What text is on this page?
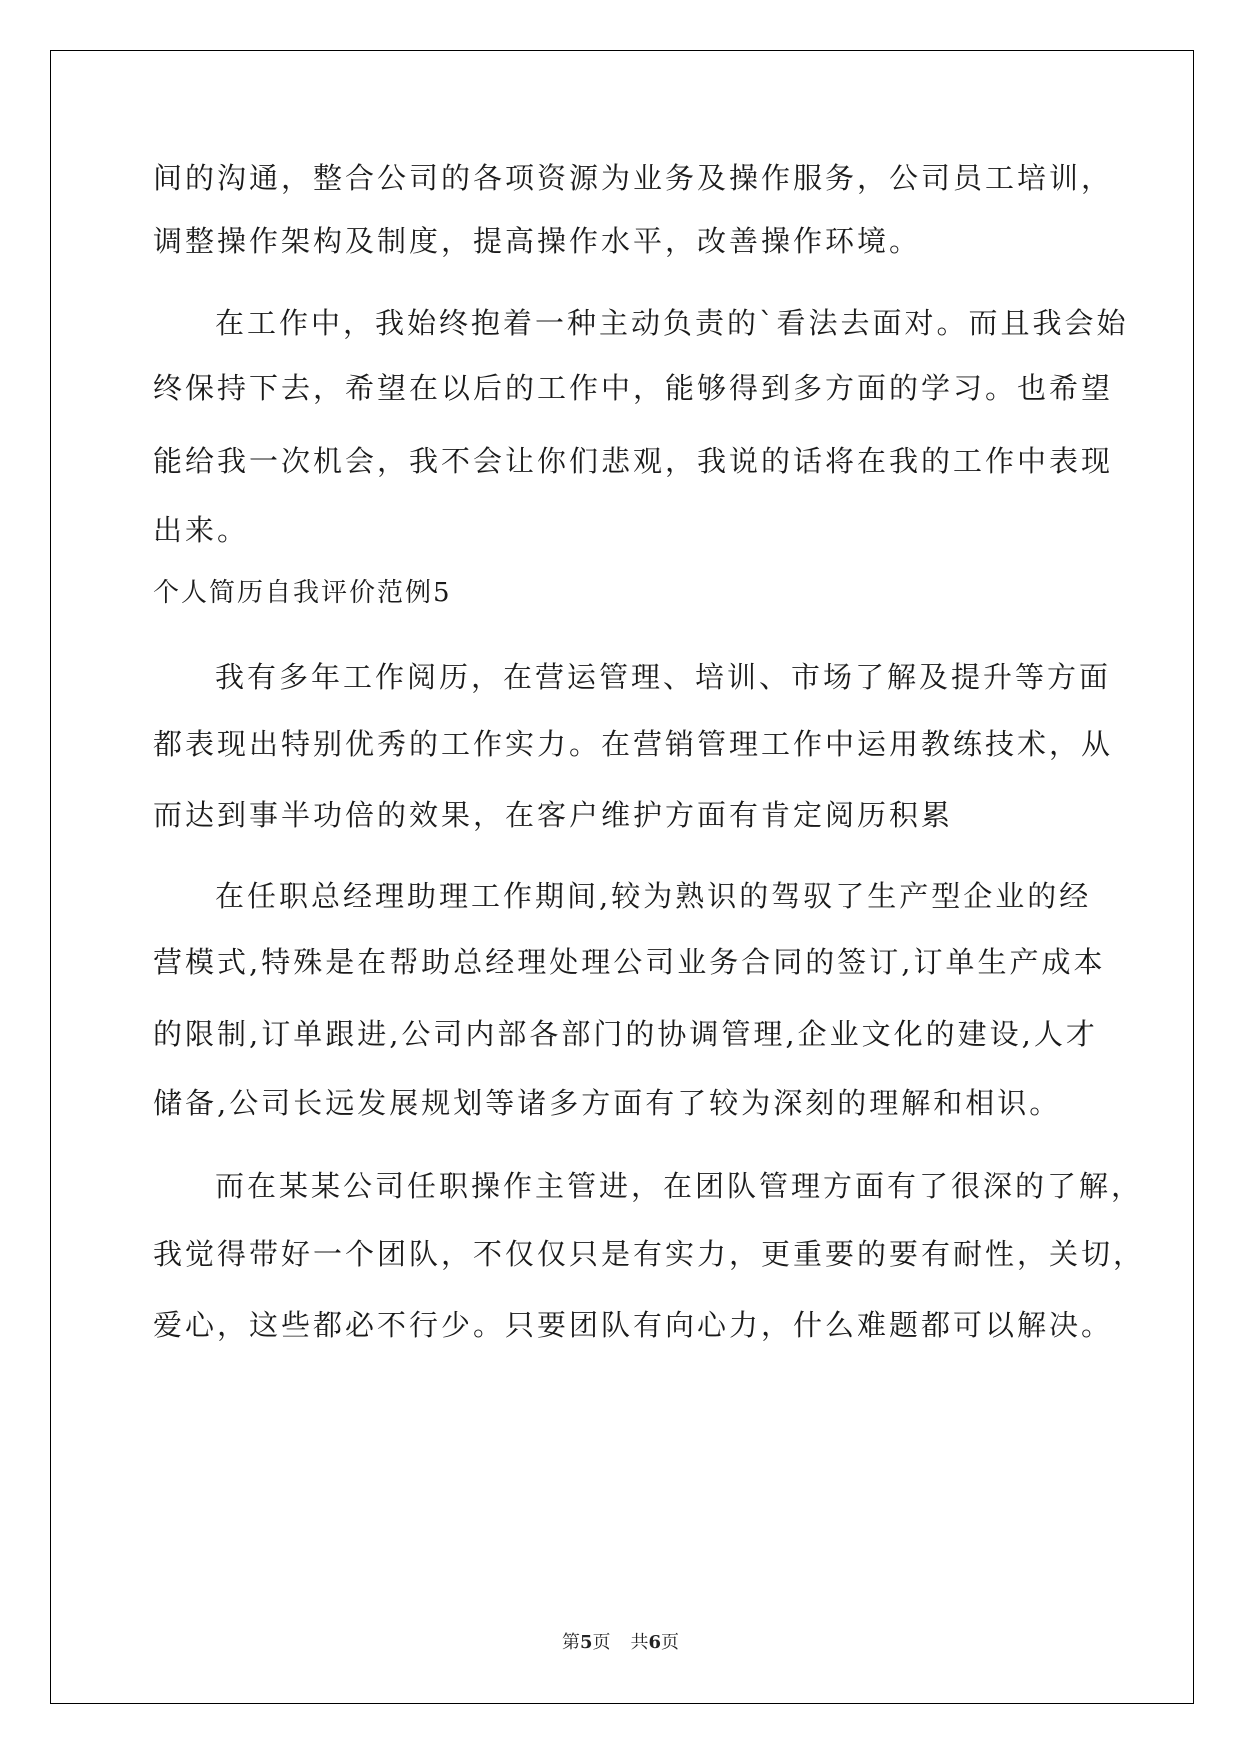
间的沟通，整合公司的各项资源为业务及操作服务，公司员工培训，
调整操作架构及制度，提高操作水平，改善操作环境。
在工作中，我始终抱着一种主动负责的`看法去面对。而且我会始
终保持下去，希望在以后的工作中，能够得到多方面的学习。也希望
能给我一次机会，我不会让你们悲观，我说的话将在我的工作中表现
出来。
个人简历自我评价范例5
我有多年工作阅历，在营运管理、培训、市场了解及提升等方面
都表现出特别优秀的工作实力。在营销管理工作中运用教练技术，从
而达到事半功倍的效果，在客户维护方面有肯定阅历积累
在任职总经理助理工作期间,较为熟识的驾驭了生产型企业的经
营模式,特殊是在帮助总经理处理公司业务合同的签订,订单生产成本
的限制,订单跟进,公司内部各部门的协调管理,企业文化的建设,人才
储备,公司长远发展规划等诸多方面有了较为深刻的理解和相识。
而在某某公司任职操作主管进，在团队管理方面有了很深的了解，
我觉得带好一个团队，不仅仅只是有实力，更重要的要有耐性，关切，
爱心，这些都必不行少。只要团队有向心力，什么难题都可以解决。
第5页 共6页
